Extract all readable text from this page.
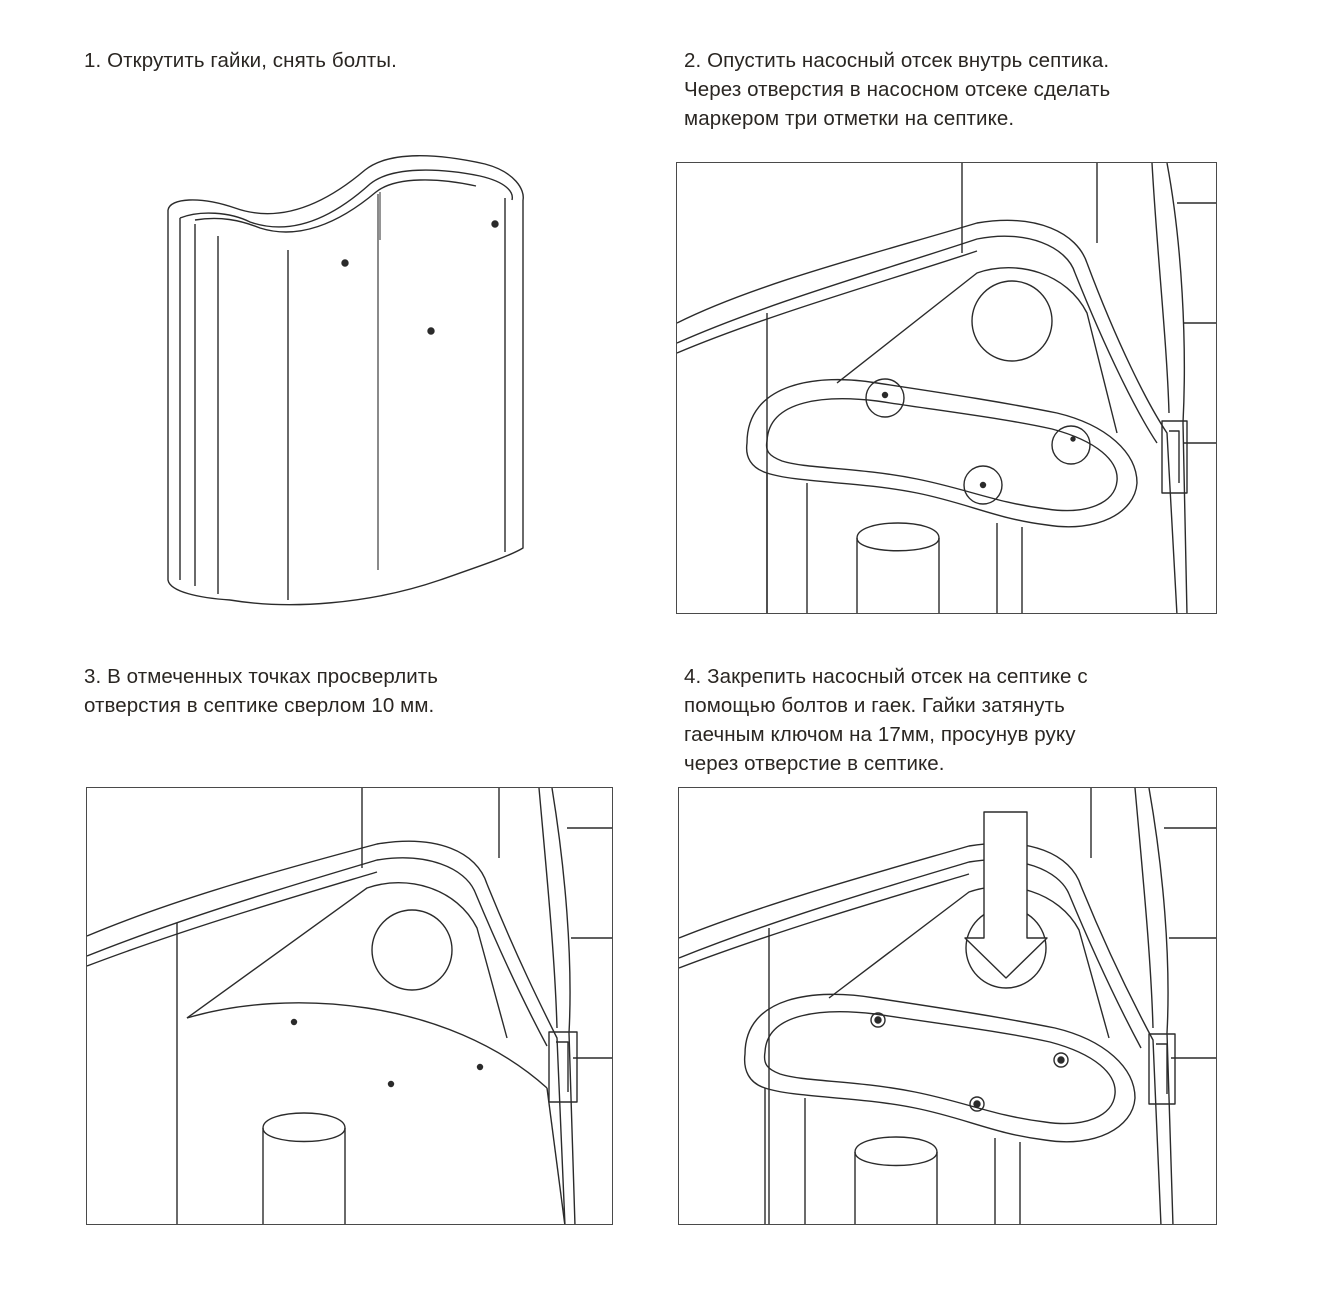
1. Открутить гайки, снять болты.	2. Опустить насосный отсек внутрь септика.
Через отверстия в насосном отсеке сделать
маркером три отметки на септике.
3. В отмеченных точках просверлить
отверстия в септике сверлом 10 мм.
4. Закрепить насосный отсек на септике с
помощью болтов и гаек. Гайки затянуть
гаечным ключом на 17мм, просунув руку
через отверстие в септике.
